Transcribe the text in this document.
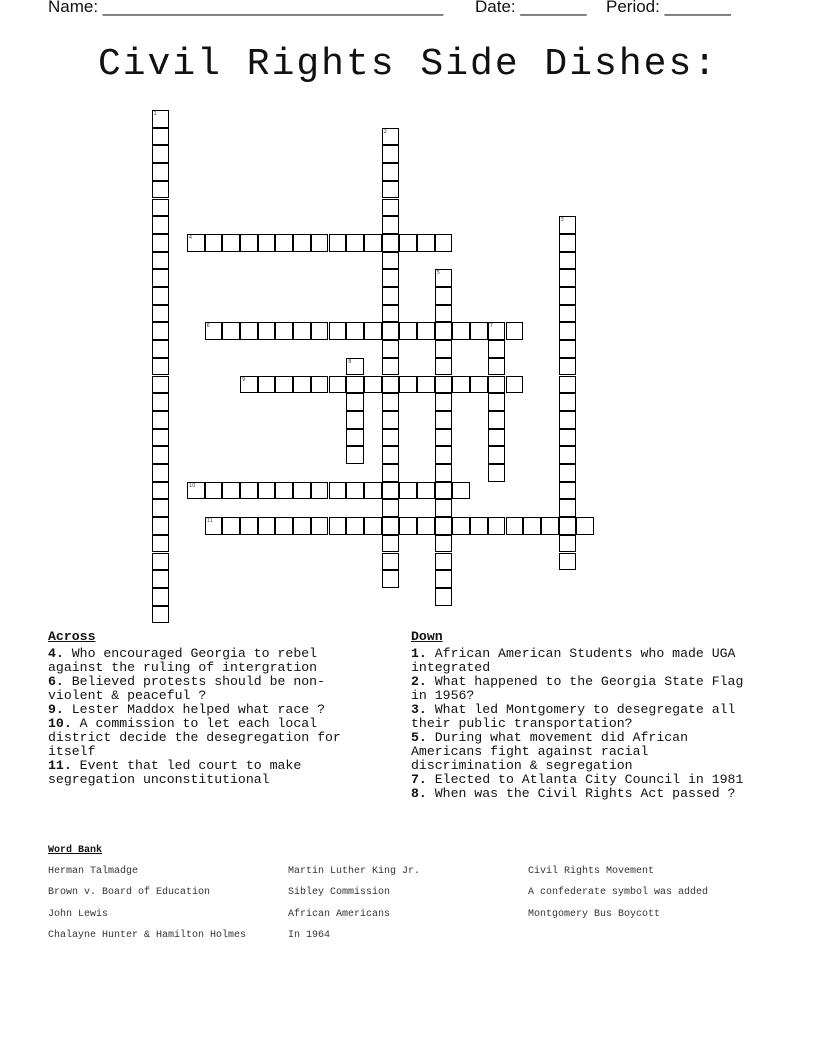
Name: ____________________________________ Date: _______ Period: _______
Civil Rights Side Dishes:
1
2
3
4
5
6	7
8
9
10
11
Across

4. Who encouraged Georgia to rebel against the ruling of intergration

6. Believed protests should be non-violent & peaceful ?

9. Lester Maddox helped what race ?

10. A commission to let each local district decide the desegregation for itself

11. Event that led court to make segregation unconstitutional

Down

1. African American Students who made UGA integrated

2. What happened to the Georgia State Flag in 1956?

3. What led Montgomery to desegregate all their public transportation?

5. During what movement did African Americans fight against racial discrimination & segregation

7. Elected to Atlanta City Council in 1981

8. When was the Civil Rights Act passed ?

Word Bank

Herman Talmadge
Brown v. Board of Education
John Lewis
Chalayne Hunter & Hamilton Holmes
Martin Luther King Jr.
Sibley Commission
African Americans
In 1964
Civil Rights Movement
A confederate symbol was added
Montgomery Bus Boycott
